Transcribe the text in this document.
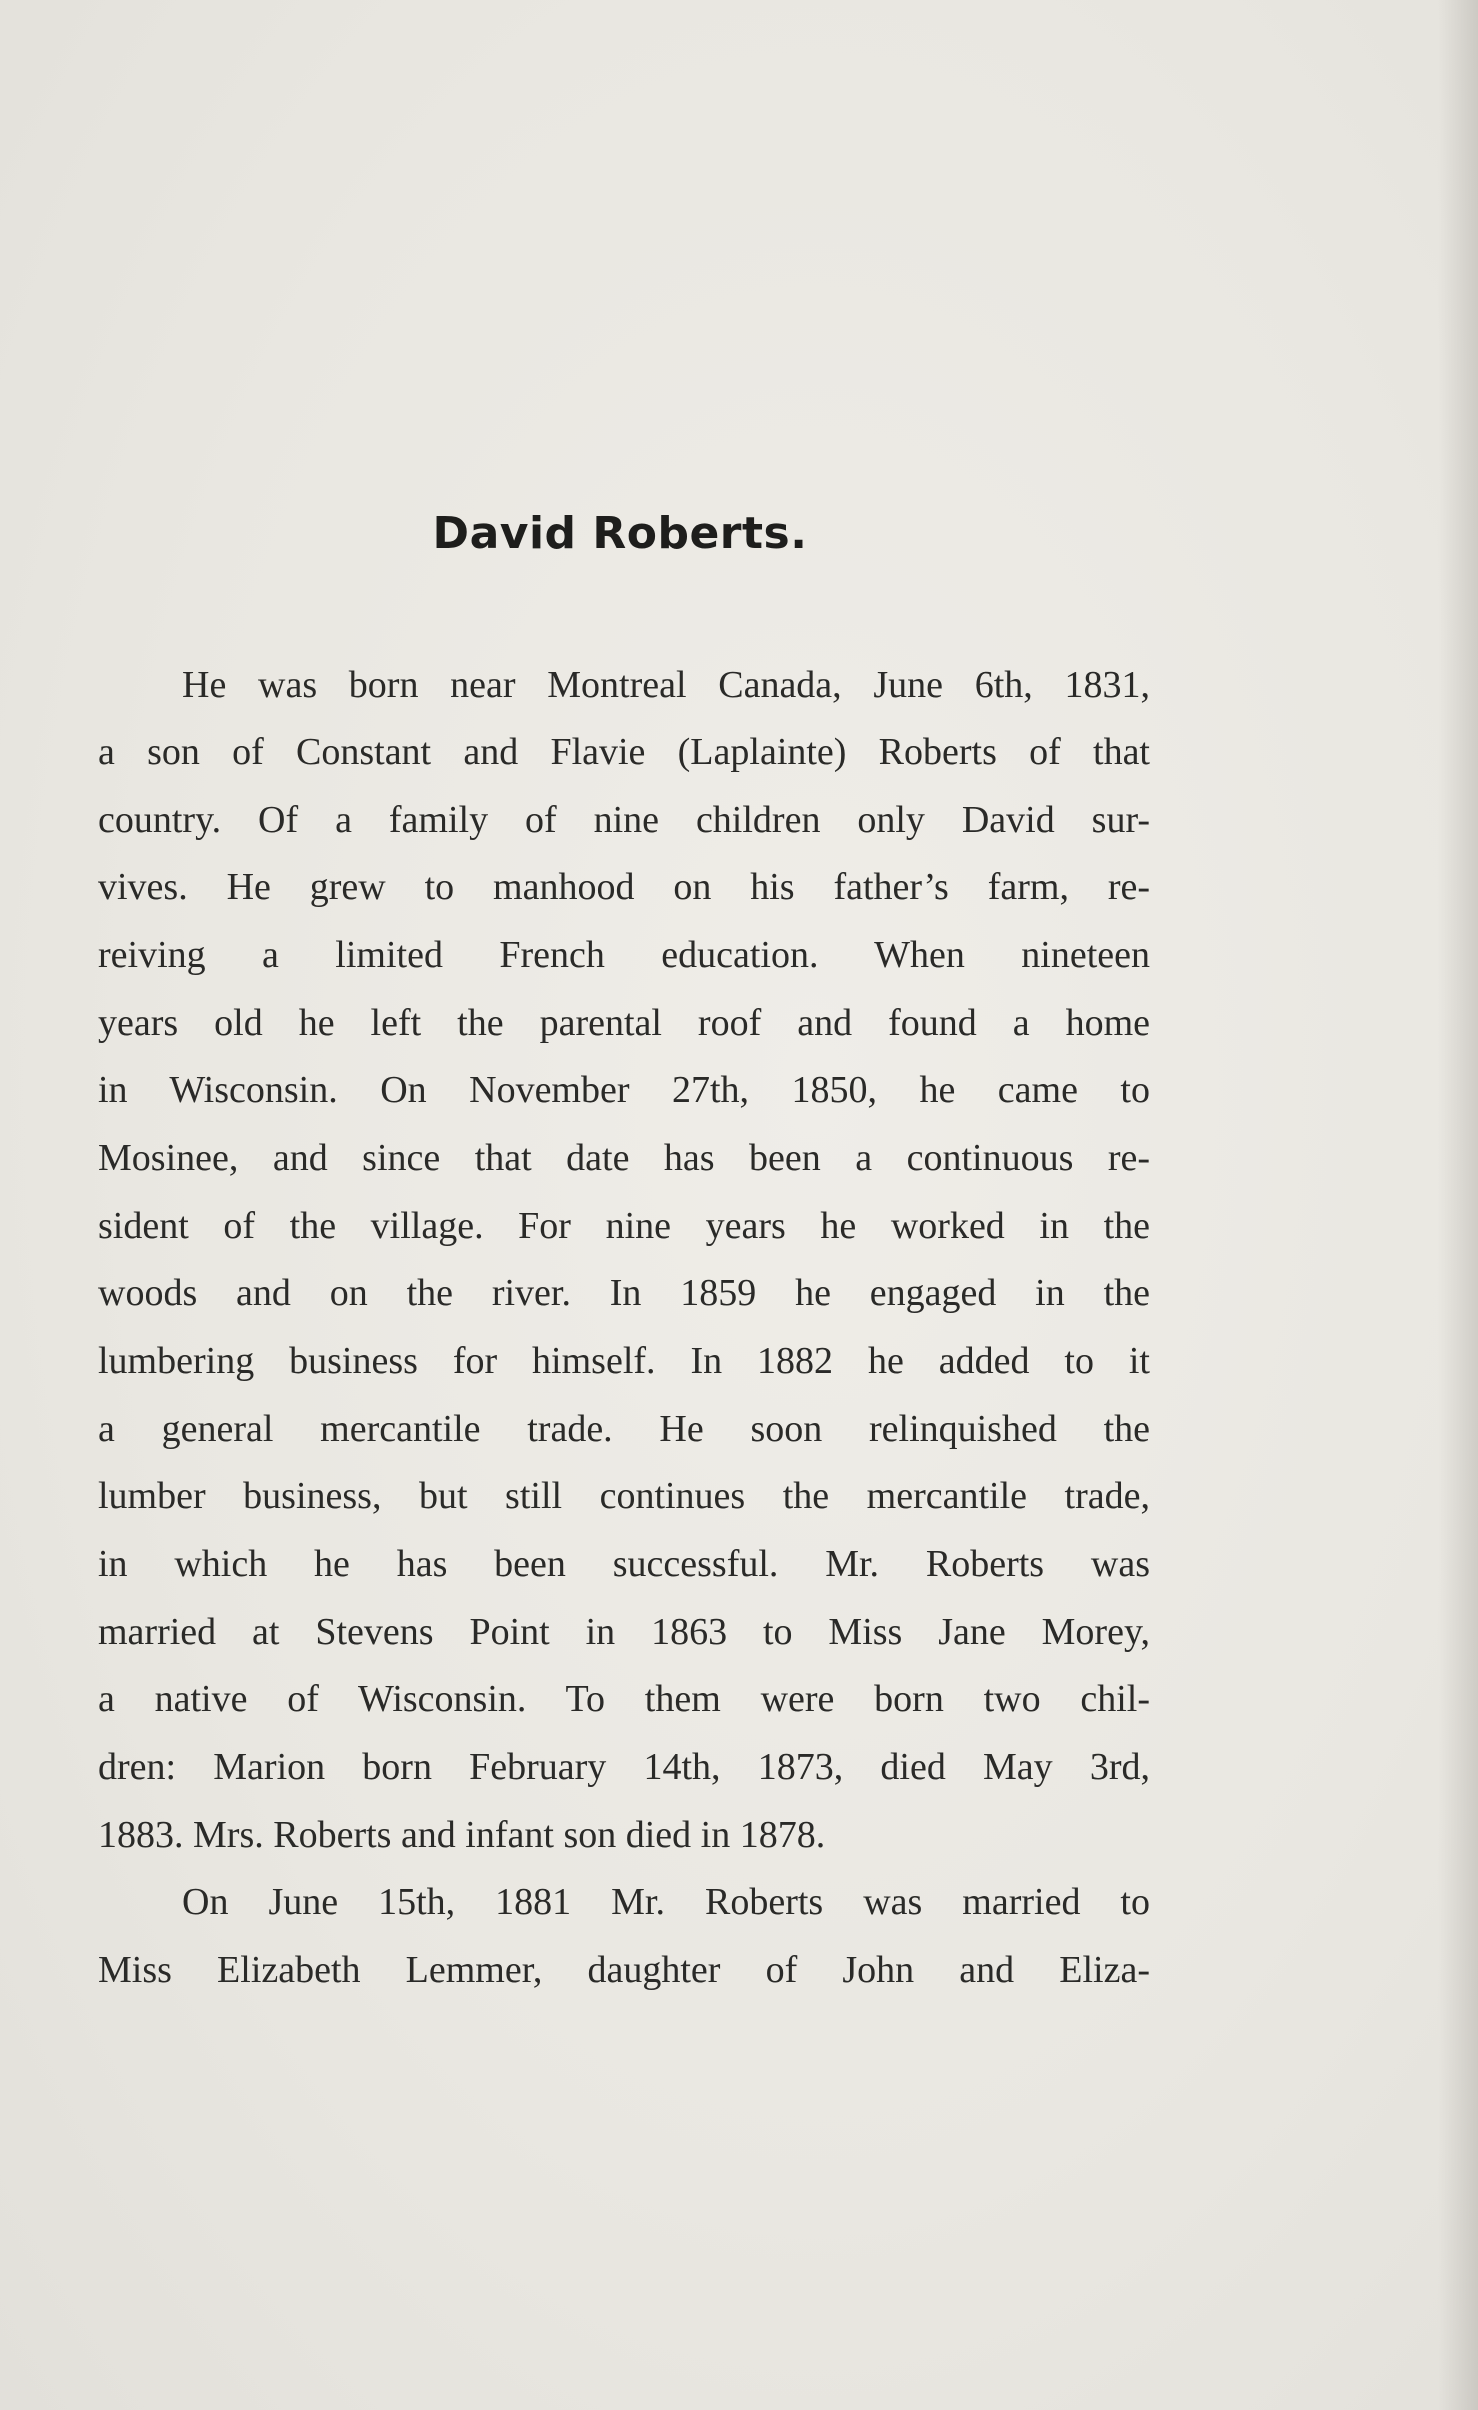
David Roberts.

He was born near Montreal Canada, June 6th, 1831,

a son of Constant and Flavie (Laplainte) Roberts of that

country. Of a family of nine children only David sur-

vives. He grew to manhood on his father’s farm, re-

reiving a limited French education. When nineteen

years old he left the parental roof and found a home

in Wisconsin. On November 27th, 1850, he came to

Mosinee, and since that date has been a continuous re-

sident of the village. For nine years he worked in the

woods and on the river. In 1859 he engaged in the

lumbering business for himself. In 1882 he added to it

a general mercantile trade. He soon relinquished the

lumber business, but still continues the mercantile trade,

in which he has been successful. Mr. Roberts was

married at Stevens Point in 1863 to Miss Jane Morey,

a native of Wisconsin. To them were born two chil-

dren: Marion born February 14th, 1873, died May 3rd,

1883. Mrs. Roberts and infant son died in 1878.

On June 15th, 1881 Mr. Roberts was married to

Miss Elizabeth Lemmer, daughter of John and Eliza-
